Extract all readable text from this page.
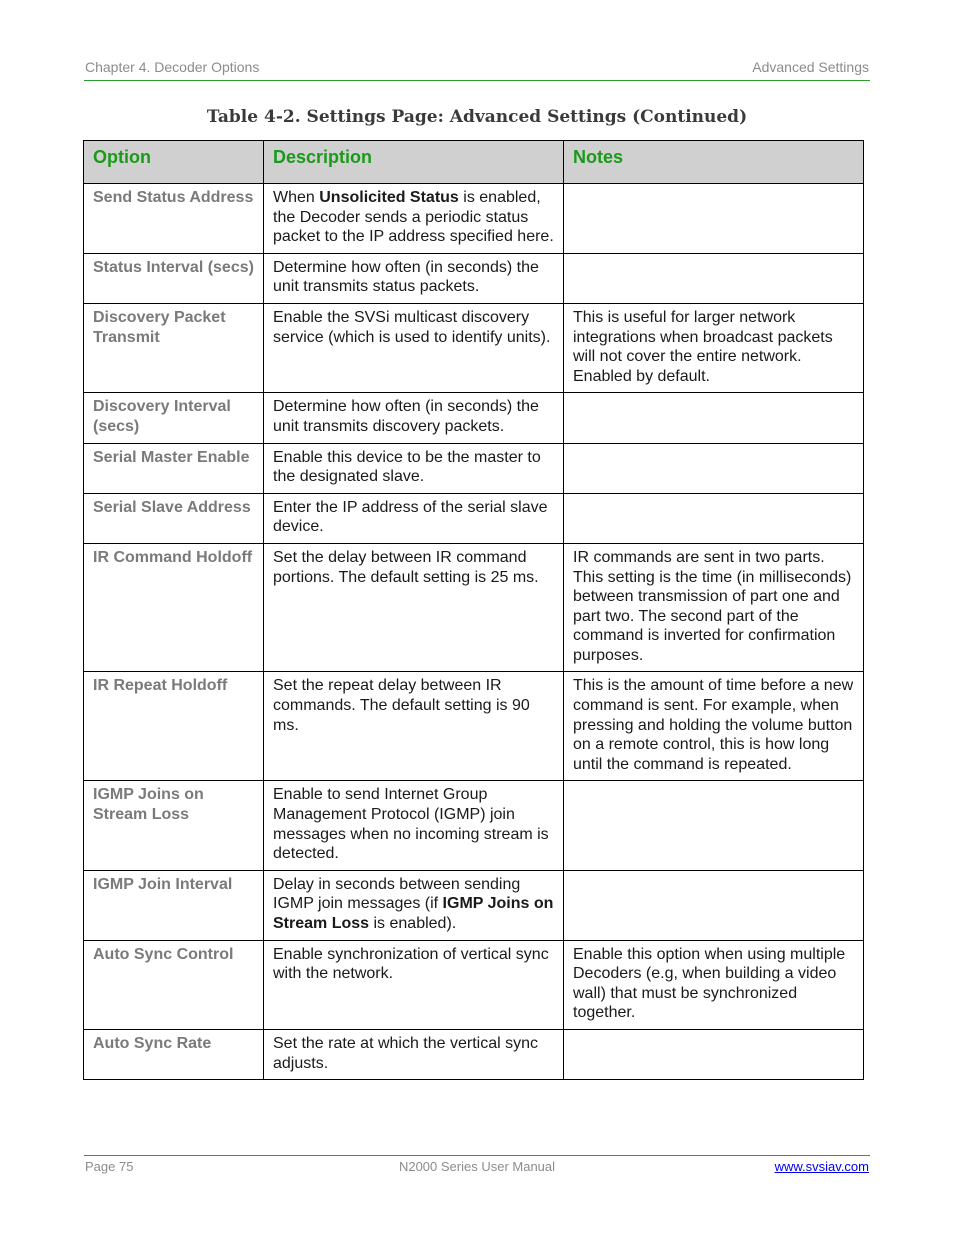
Chapter 4. Decoder Options	Advanced Settings
Table 4-2. Settings Page: Advanced Settings (Continued)
Option	Description	Notes
Send Status Address	When Unsolicited Status is enabled, the Decoder sends a periodic status packet to the IP address specified here.	
Status Interval (secs)	Determine how often (in seconds) the unit transmits status packets.	
Discovery Packet Transmit	Enable the SVSi multicast discovery service (which is used to identify units).	This is useful for larger network integrations when broadcast packets will not cover the entire network. Enabled by default.
Discovery Interval (secs)	Determine how often (in seconds) the unit transmits discovery packets.	
Serial Master Enable	Enable this device to be the master to the designated slave.	
Serial Slave Address	Enter the IP address of the serial slave device.	
IR Command Holdoff	Set the delay between IR command portions. The default setting is 25 ms.	IR commands are sent in two parts. This setting is the time (in milliseconds) between transmission of part one and part two. The second part of the command is inverted for confirmation purposes.
IR Repeat Holdoff	Set the repeat delay between IR commands. The default setting is 90 ms.	This is the amount of time before a new command is sent. For example, when pressing and holding the volume button on a remote control, this is how long until the command is repeated.
IGMP Joins on Stream Loss	Enable to send Internet Group Management Protocol (IGMP) join messages when no incoming stream is detected.	
IGMP Join Interval	Delay in seconds between sending IGMP join messages (if IGMP Joins on Stream Loss is enabled).	
Auto Sync Control	Enable synchronization of vertical sync with the network.	Enable this option when using multiple Decoders (e.g, when building a video wall) that must be synchronized together.
Auto Sync Rate	Set the rate at which the vertical sync adjusts.	
Page 75	N2000 Series User Manual	www.svsiav.com
